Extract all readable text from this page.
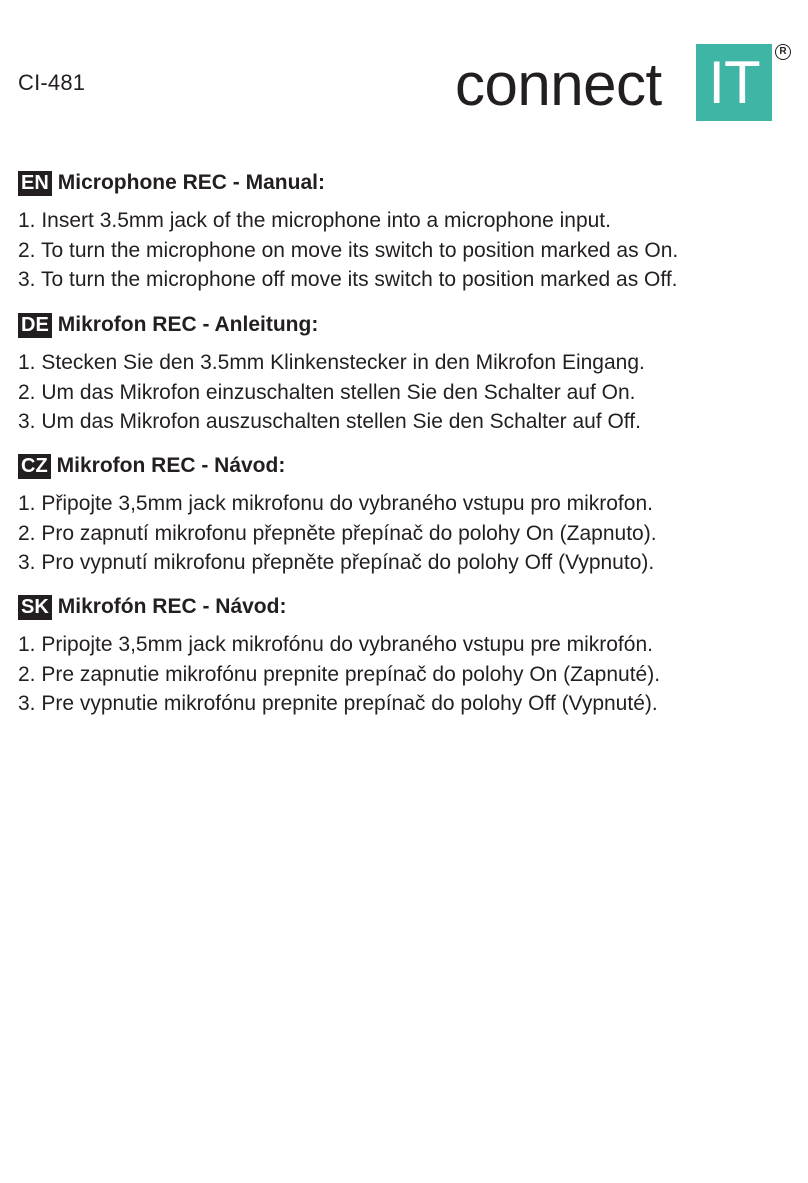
CI-481	connect IT	R
EN Microphone REC - Manual:
1. Insert 3.5mm jack of the microphone into a microphone input.
2. To turn the microphone on move its switch to position marked as On.
3. To turn the microphone off move its switch to position marked as Off.
DE Mikrofon REC - Anleitung:
1. Stecken Sie den 3.5mm Klinkenstecker in den Mikrofon Eingang.
2. Um das Mikrofon einzuschalten stellen Sie den Schalter auf On.
3. Um das Mikrofon auszuschalten stellen Sie den Schalter auf Off.
CZ Mikrofon REC - Návod:
1. Připojte 3,5mm jack mikrofonu do vybraného vstupu pro mikrofon.
2. Pro zapnutí mikrofonu přepněte přepínač do polohy On (Zapnuto).
3. Pro vypnutí mikrofonu přepněte přepínač do polohy Off (Vypnuto).
SK Mikrofón REC - Návod:
1. Pripojte 3,5mm jack mikrofónu do vybraného vstupu pre mikrofón.
2. Pre zapnutie mikrofónu prepnite prepínač do polohy On (Zapnuté).
3. Pre vypnutie mikrofónu prepnite prepínač do polohy Off (Vypnuté).
